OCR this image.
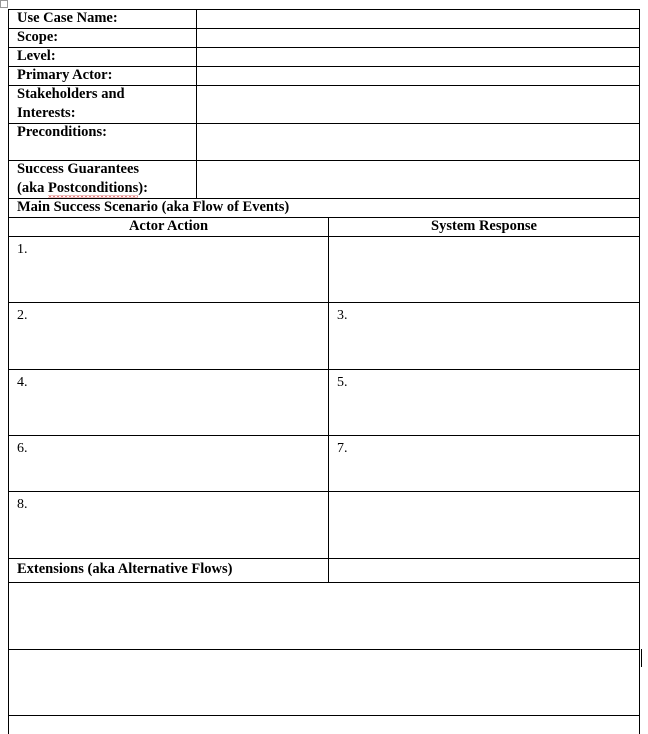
Use Case Name:
Scope:
Level:
Primary Actor:
Stakeholders and
Interests:
Preconditions:
Success Guarantees
(aka Postconditions):
Main Success Scenario (aka Flow of Events)
Actor Action	System Response
1.
2.	3.
4.	5.
6.	7.
8.
Extensions (aka Alternative Flows)
